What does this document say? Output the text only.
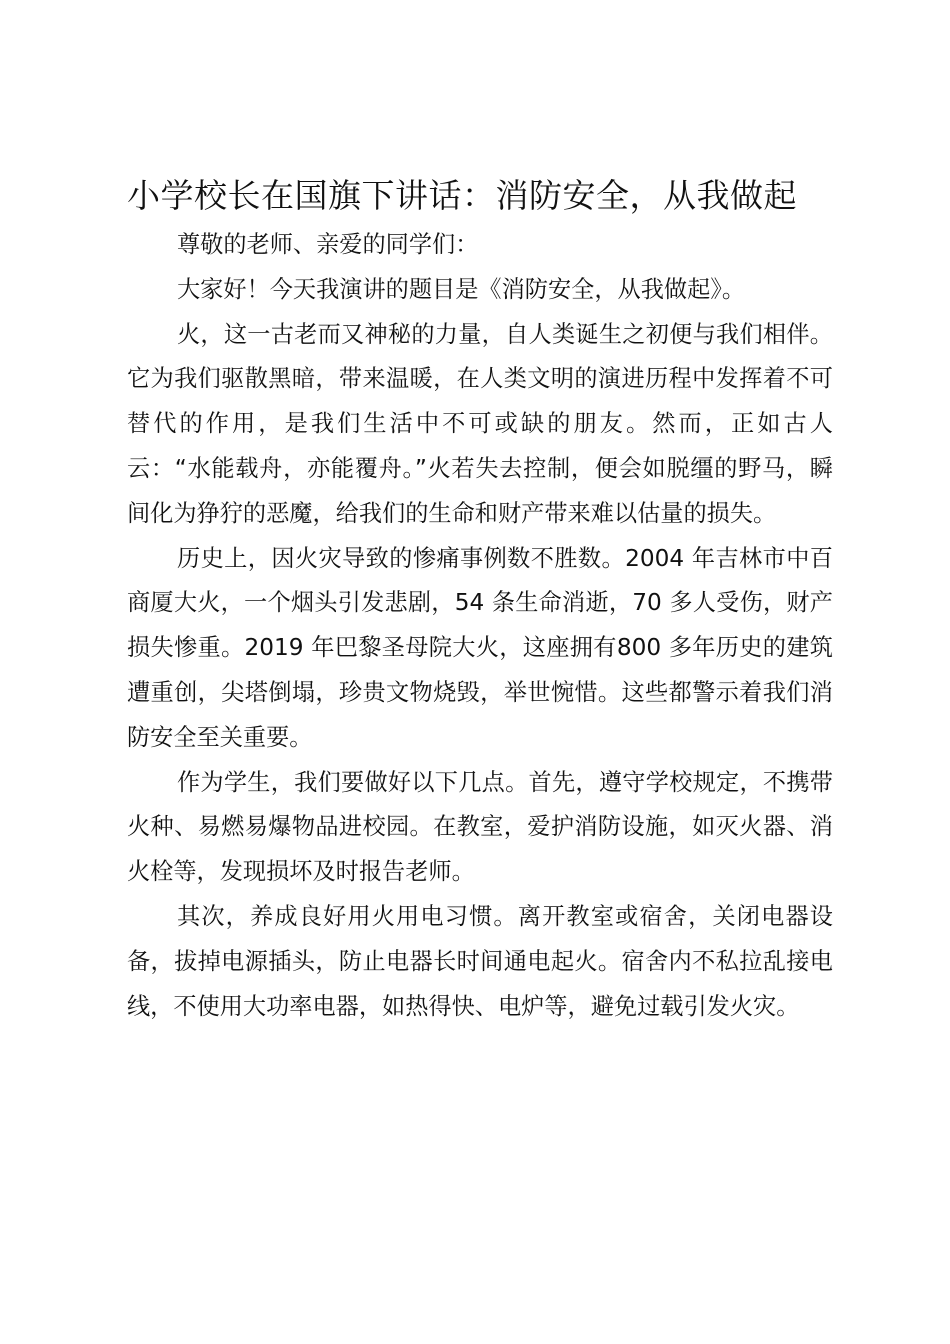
小学校长在国旗下讲话：消防安全，从我做起

尊敬的老师、亲爱的同学们：

大家好！今天我演讲的题目是《消防安全，从我做起》。

火，这一古老而又神秘的力量，自人类诞生之初便与我们相伴。它为我们驱散黑暗，带来温暖，在人类文明的演进历程中发挥着不可替代的作用，是我们生活中不可或缺的朋友。然而，正如古人云：“水能载舟，亦能覆舟。”火若失去控制，便会如脱缰的野马，瞬间化为狰狞的恶魔，给我们的生命和财产带来难以估量的损失。

历史上，因火灾导致的惨痛事例数不胜数。2004 年吉林市中百商厦大火，一个烟头引发悲剧，54 条生命消逝，70 多人受伤，财产损失惨重。2019 年巴黎圣母院大火，这座拥有800 多年历史的建筑遭重创，尖塔倒塌，珍贵文物烧毁，举世惋惜。这些都警示着我们消防安全至关重要。

作为学生，我们要做好以下几点。首先，遵守学校规定，不携带火种、易燃易爆物品进校园。在教室，爱护消防设施，如灭火器、消火栓等，发现损坏及时报告老师。

其次，养成良好用火用电习惯。离开教室或宿舍，关闭电器设备，拔掉电源插头，防止电器长时间通电起火。宿舍内不私拉乱接电线，不使用大功率电器，如热得快、电炉等，避免过载引发火灾。
